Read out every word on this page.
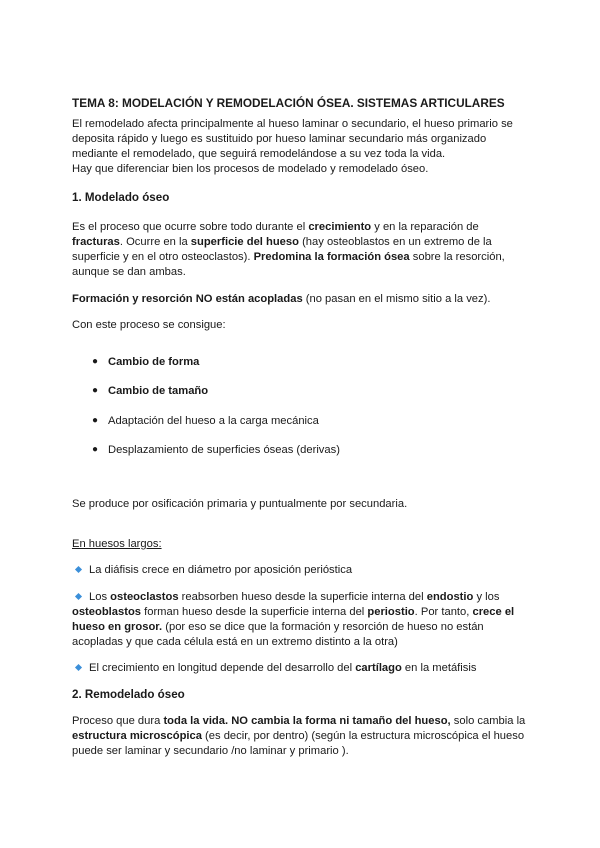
TEMA 8: MODELACIÓN Y REMODELACIÓN ÓSEA. SISTEMAS ARTICULARES
El remodelado afecta principalmente al hueso laminar o secundario, el hueso primario se
deposita rápido y luego es sustituido por hueso laminar secundario más organizado
mediante el remodelado, que seguirá remodelándose a su vez toda la vida.
Hay que diferenciar bien los procesos de modelado y remodelado óseo.
1. Modelado óseo
Es el proceso que ocurre sobre todo durante el crecimiento y en la reparación de
fracturas. Ocurre en la superficie del hueso (hay osteoblastos en un extremo de la
superficie y en el otro osteoclastos). Predomina la formación ósea sobre la resorción,
aunque se dan ambas.
Formación y resorción NO están acopladas (no pasan en el mismo sitio a la vez).
Con este proceso se consigue:
● Cambio de forma
● Cambio de tamaño
● Adaptación del hueso a la carga mecánica
● Desplazamiento de superficies óseas (derivas)
Se produce por osificación primaria y puntualmente por secundaria.
En huesos largos:
La diáfisis crece en diámetro por aposición perióstica
Los osteoclastos reabsorben hueso desde la superficie interna del endostio y los
osteoblastos forman hueso desde la superficie interna del periostio. Por tanto, crece el
hueso en grosor. (por eso se dice que la formación y resorción de hueso no están
acopladas y que cada célula está en un extremo distinto a la otra)
El crecimiento en longitud depende del desarrollo del cartílago en la metáfisis
2. Remodelado óseo
Proceso que dura toda la vida. NO cambia la forma ni tamaño del hueso, solo cambia la
estructura microscópica (es decir, por dentro) (según la estructura microscópica el hueso
puede ser laminar y secundario /no laminar y primario ).
